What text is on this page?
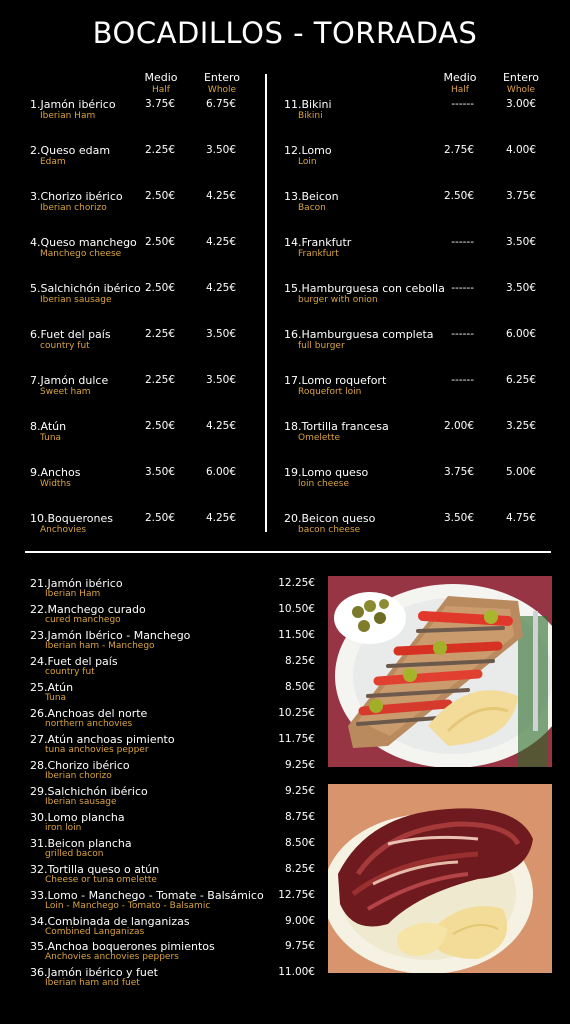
BOCADILLOS - TORRADAS
Medio
Half
Entero
Whole
Medio
Half
Entero
Whole
1.Jamón ibérico
Iberian Ham
3.75€	6.75€
2.Queso edam
Edam
2.25€	3.50€
3.Chorizo ibérico
Iberian chorizo
2.50€	4.25€
4.Queso manchego
Manchego cheese
2.50€	4.25€
5.Salchichón ibérico
Iberian sausage
2.50€	4.25€
6.Fuet del país
country fut
2.25€	3.50€
7.Jamón dulce
Sweet ham
2.25€	3.50€
8.Atún
Tuna
2.50€	4.25€
9.Anchos
Widths
3.50€	6.00€
10.Boquerones
Anchovies
2.50€	4.25€
11.Bikini
Bikini
------	3.00€
12.Lomo
Loin
2.75€	4.00€
13.Beicon
Bacon
2.50€	3.75€
14.Frankfutr
Frankfurt
------	3.50€
15.Hamburguesa con cebolla
burger with onion
------	3.50€
16.Hamburguesa completa
full burger
------	6.00€
17.Lomo roquefort
Roquefort loin
------	6.25€
18.Tortilla francesa
Omelette
2.00€	3.25€
19.Lomo queso
loin cheese
3.75€	5.00€
20.Beicon queso
bacon cheese
3.50€	4.75€
21.Jamón ibérico
Iberian Ham
12.25€
22.Manchego curado
cured manchego
10.50€
23.Jamón Ibérico - Manchego
Iberian ham - Manchego
11.50€
24.Fuet del país
country fut
8.25€
25.Atún
Tuna
8.50€
26.Anchoas del norte
northern anchovies
10.25€
27.Atún anchoas pimiento
tuna anchovies pepper
11.75€
28.Chorizo ibérico
Iberian chorizo
9.25€
29.Salchichón ibérico
Iberian sausage
9.25€
30.Lomo plancha
iron loin
8.75€
31.Beicon plancha
grilled bacon
8.50€
32.Tortilla queso o atún
Cheese or tuna omelette
8.25€
33.Lomo - Manchego - Tomate - Balsámico
Loin - Manchego - Tomato - Balsamic
12.75€
34.Combinada de langanizas
Combined Langanizas
9.00€
35.Anchoa boquerones pimientos
Anchovies anchovies peppers
9.75€
36.Jamón ibérico y fuet
Iberian ham and fuet
11.00€
